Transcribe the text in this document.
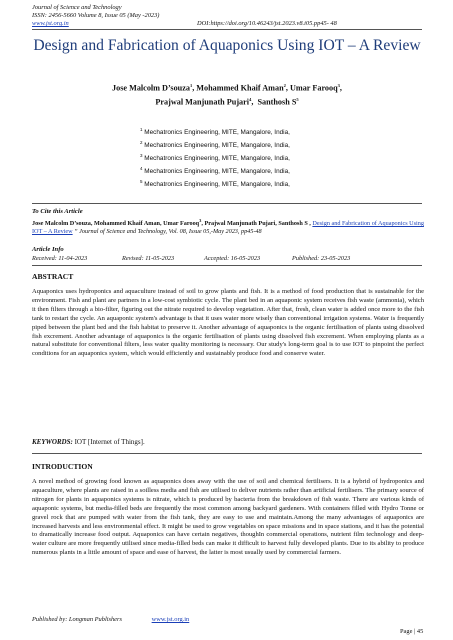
Journal of Science and Technology
ISSN: 2456-5660 Volume 8, Issue 05 (May -2023)
www.jst.org.in	DOI:https://doi.org/10.46243/jst.2023.v8.i05.pp45- 48
Design and Fabrication of Aquaponics Using IOT – A Review
Jose Malcolm D’souza$^1$, Mohammed Khaif Aman$^2$, Umar Farooq$^3$,
Prajwal Manjunath Pujari$^4$,  Santhosh $S^5$
$^1$ Mechatronics Engineering, MITE, Mangalore, India,
$^2$ Mechatronics Engineering, MITE, Mangalore, India,
$^3$ Mechatronics Engineering, MITE, Mangalore, India,
$^4$ Mechatronics Engineering, MITE, Mangalore, India,
$^5$ Mechatronics Engineering, MITE, Mangalore, India,
To Cite this Article
Jose Malcolm D’souza, Mohammed Khaif Aman, Umar Farooq$^3$, Prajwal Manjunath Pujari, Santhosh S , Design and Fabrication of Aquaponics Using IOT – A Review ” Journal of Science and Technology, Vol. 08, Issue 05,-May 2023, pp45-48
Article Info
Received: 11-04-2023	Revised: 11-05-2023	Accepted: 16-05-2023	Published: 23-05-2023
ABSTRACT
Aquaponics uses hydroponics and aquaculture instead of soil to grow plants and fish. It is a method of food production that is sustainable for the environment. Fish and plant are partners in a low-cost symbiotic cycle. The plant bed in an aquaponic system receives fish waste (ammonia), which it then filters through a bio-filter, figuring out the nitrate required to develop vegetation. After that, fresh, clean water is added once more to the fish tank to restart the cycle. An aquaponic system's advantage is that it uses water more wisely than conventional irrigation systems. Water is frequently piped between the plant bed and the fish habitat to preserve it. Another advantage of aquaponics is the organic fertilisation of plants using dissolved fish excrement. Another advantage of aquaponics is the organic fertilisation of plants using dissolved fish excrement. When employing plants as a natural substitute for conventional filters, less water quality monitoring is necessary. Our study's long-term goal is to use IOT to pinpoint the perfect conditions for an aquaponics system, which would efficiently and sustainably produce food and conserve water.
KEYWORDS: IOT [Internet of Things].
INTRODUCTION
A novel method of growing food known as aquaponics does away with the use of soil and chemical fertilisers. It is a hybrid of hydroponics and aquaculture, where plants are raised in a soilless media and fish are utilised to deliver nutrients rather than artificial fertilisers. The primary source of nitrogen for plants in aquaponics systems is nitrate, which is produced by bacteria from the breakdown of fish waste. There are various kinds of aquaponic systems, but media-filled beds are frequently the most common among backyard gardeners. With containers filled with Hydro Tonne or gravel rock that are pumped with water from the fish tank, they are easy to use and maintain.Among the many advantages of aquaponics are increased harvests and less environmental effect. It might be used to grow vegetables on space missions and in space stations, and it has the potential to dramatically increase food output. Aquaponics can have certain negatives, thoughIn commercial operations, nutrient film technology and deep-water culture are more frequently utilised since media-filled beds can make it difficult to harvest fully developed plants. Due to its ability to produce numerous plants in a little amount of space and ease of harvest, the latter is most usually used by commercial farmers.
Published by: Longman Publishers	www.jst.org.in
Page | 45
